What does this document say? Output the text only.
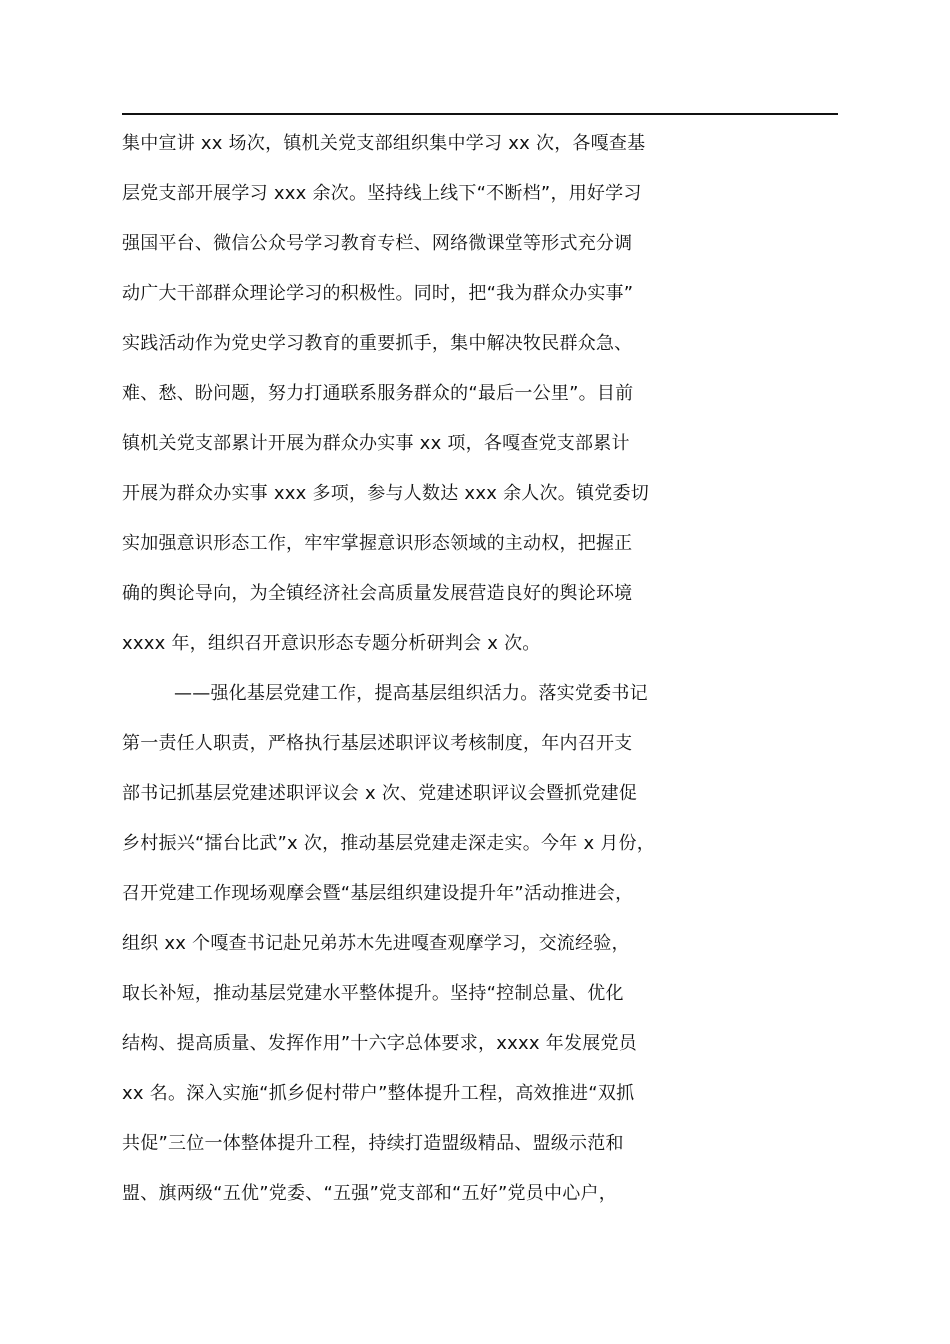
集中宣讲 xx 场次，镇机关党支部组织集中学习 xx 次，各嘎查基
层党支部开展学习 xxx 余次。坚持线上线下“不断档”，用好学习
强国平台、微信公众号学习教育专栏、网络微课堂等形式充分调
动广大干部群众理论学习的积极性。同时，把“我为群众办实事”
实践活动作为党史学习教育的重要抓手，集中解决牧民群众急、
难、愁、盼问题，努力打通联系服务群众的“最后一公里”。目前
镇机关党支部累计开展为群众办实事 xx 项，各嘎查党支部累计
开展为群众办实事 xxx 多项，参与人数达 xxx 余人次。镇党委切
实加强意识形态工作，牢牢掌握意识形态领域的主动权，把握正
确的舆论导向，为全镇经济社会高质量发展营造良好的舆论环境
xxxx 年，组织召开意识形态专题分析研判会 x 次。
——强化基层党建工作，提高基层组织活力。落实党委书记
第一责任人职责，严格执行基层述职评议考核制度，年内召开支
部书记抓基层党建述职评议会 x 次、党建述职评议会暨抓党建促
乡村振兴“擂台比武”x 次，推动基层党建走深走实。今年 x 月份，
召开党建工作现场观摩会暨“基层组织建设提升年”活动推进会，
组织 xx 个嘎查书记赴兄弟苏木先进嘎查观摩学习，交流经验，
取长补短，推动基层党建水平整体提升。坚持“控制总量、优化
结构、提高质量、发挥作用”十六字总体要求，xxxx 年发展党员
xx 名。深入实施“抓乡促村带户”整体提升工程，高效推进“双抓
共促”三位一体整体提升工程，持续打造盟级精品、盟级示范和
盟、旗两级“五优”党委、“五强”党支部和“五好”党员中心户，
